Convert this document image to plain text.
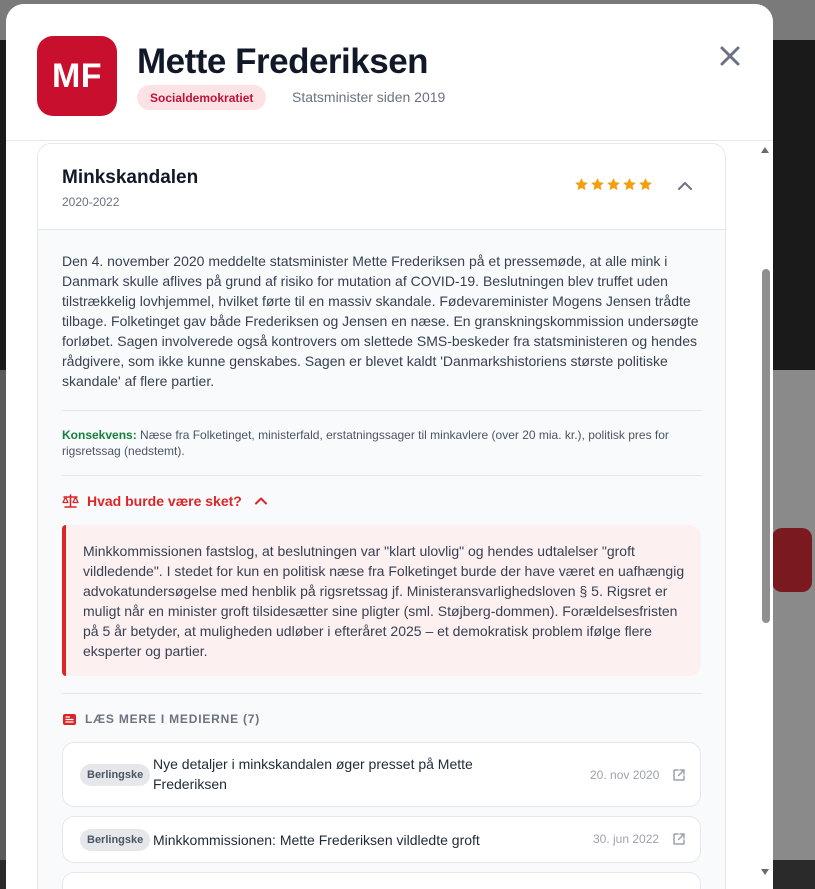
MF Mette Frederiksen
Socialdemokratiet	Statsminister siden 2019
Minkskandalen
2020-2022
Den 4. november 2020 meddelte statsminister Mette Frederiksen på et pressemøde, at alle mink i Danmark skulle aflives på grund af risiko for mutation af COVID-19. Beslutningen blev truffet uden tilstrækkelig lovhjemmel, hvilket førte til en massiv skandale. Fødevareminister Mogens Jensen trådte tilbage. Folketinget gav både Frederiksen og Jensen en næse. En granskningskommission undersøgte forløbet. Sagen involverede også kontrovers om slettede SMS-beskeder fra statsministeren og hendes rådgivere, som ikke kunne genskabes. Sagen er blevet kaldt 'Danmarkshistoriens største politiske skandale' af flere partier.
Konsekvens: Næse fra Folketinget, ministerfald, erstatningssager til minkavlere (over 20 mia. kr.), politisk pres for rigsretssag (nedstemt).
Hvad burde være sket?
Minkkommissionen fastslog, at beslutningen var "klart ulovlig" og hendes udtalelser "groft vildledende". I stedet for kun en politisk næse fra Folketinget burde der have været en uafhængig advokatundersøgelse med henblik på rigsretssag jf. Ministeransvarlighedsloven § 5. Rigsret er muligt når en minister groft tilsidesætter sine pligter (sml. Støjberg-dommen). Forældelsesfristen på 5 år betyder, at muligheden udløber i efteråret 2025 – et demokratisk problem ifølge flere eksperter og partier.
LÆS MERE I MEDIERNE (7)
Berlingske
Nye detaljer i minkskandalen øger presset på Mette Frederiksen
20. nov 2020
Berlingske Minkkommissionen: Mette Frederiksen vildledte groft	30. jun 2022
